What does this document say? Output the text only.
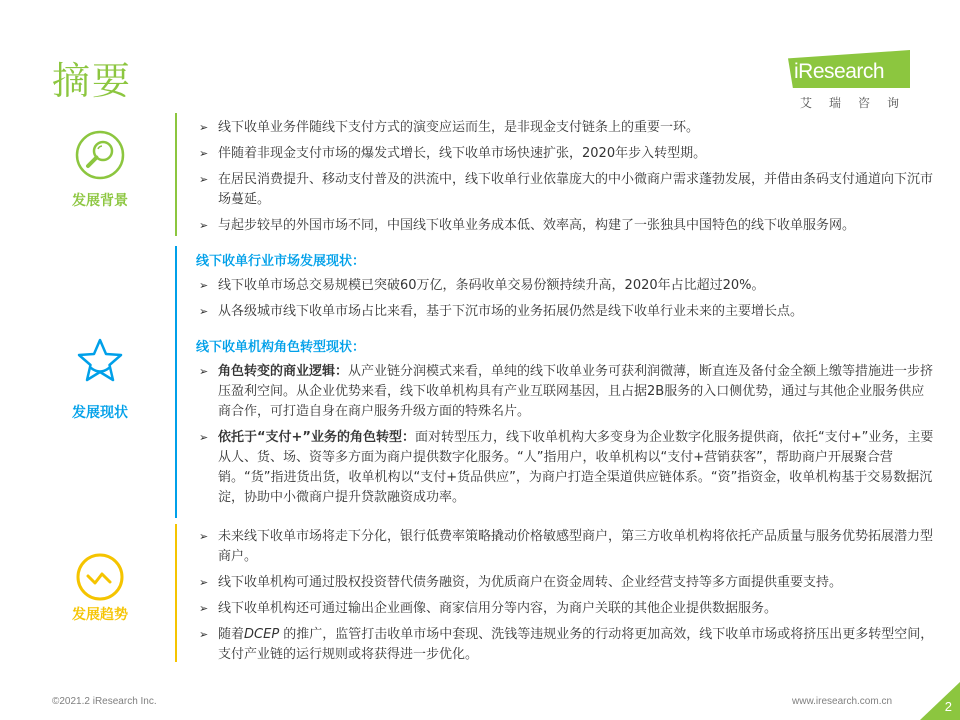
摘要	iResearch
艾瑞咨询
发展背景

➢ 线下收单业务伴随线下支付方式的演变应运而生，是非现金支付链条上的重要一环。

➢ 伴随着非现金支付市场的爆发式增长，线下收单市场快速扩张，2020年步入转型期。

➢ 在居民消费提升、移动支付普及的洪流中，线下收单行业依靠庞大的中小微商户需求蓬勃发展，并借由条码支付通道向下沉市场蔓延。

➢ 与起步较早的外国市场不同，中国线下收单业务成本低、效率高，构建了一张独具中国特色的线下收单服务网。

发展现状

线下收单行业市场发展现状：

➢ 线下收单市场总交易规模已突破60万亿，条码收单交易份额持续升高，2020年占比超过20%。

➢ 从各级城市线下收单市场占比来看，基于下沉市场的业务拓展仍然是线下收单行业未来的主要增长点。

线下收单机构角色转型现状：

➢ 角色转变的商业逻辑：从产业链分润模式来看，单纯的线下收单业务可获利润微薄，断直连及备付金全额上缴等措施进一步挤压盈利空间。从企业优势来看，线下收单机构具有产业互联网基因，且占据2B服务的入口侧优势，通过与其他企业服务供应商合作，可打造自身在商户服务升级方面的特殊名片。

➢ 依托于“支付+”业务的角色转型：面对转型压力，线下收单机构大多变身为企业数字化服务提供商，依托“支付+”业务，主要从人、货、场、资等多方面为商户提供数字化服务。“人”指用户，收单机构以“支付+营销获客”，帮助商户开展聚合营销。“货”指进货出货，收单机构以“支付+货品供应”，为商户打造全渠道供应链体系。“资”指资金，收单机构基于交易数据沉淀，协助中小微商户提升贷款融资成功率。

发展趋势

➢ 未来线下收单市场将走下分化，银行低费率策略撬动价格敏感型商户，第三方收单机构将依托产品质量与服务优势拓展潜力型商户。

➢ 线下收单机构可通过股权投资替代债务融资，为优质商户在资金周转、企业经营支持等多方面提供重要支持。

➢ 线下收单机构还可通过输出企业画像、商家信用分等内容，为商户关联的其他企业提供数据服务。

➢ 随着DCEP 的推广，监管打击收单市场中套现、洗钱等违规业务的行动将更加高效，线下收单市场或将挤压出更多转型空间，支付产业链的运行规则或将获得进一步优化。

©2021.2 iResearch Inc.	www.iresearch.com.cn	2
